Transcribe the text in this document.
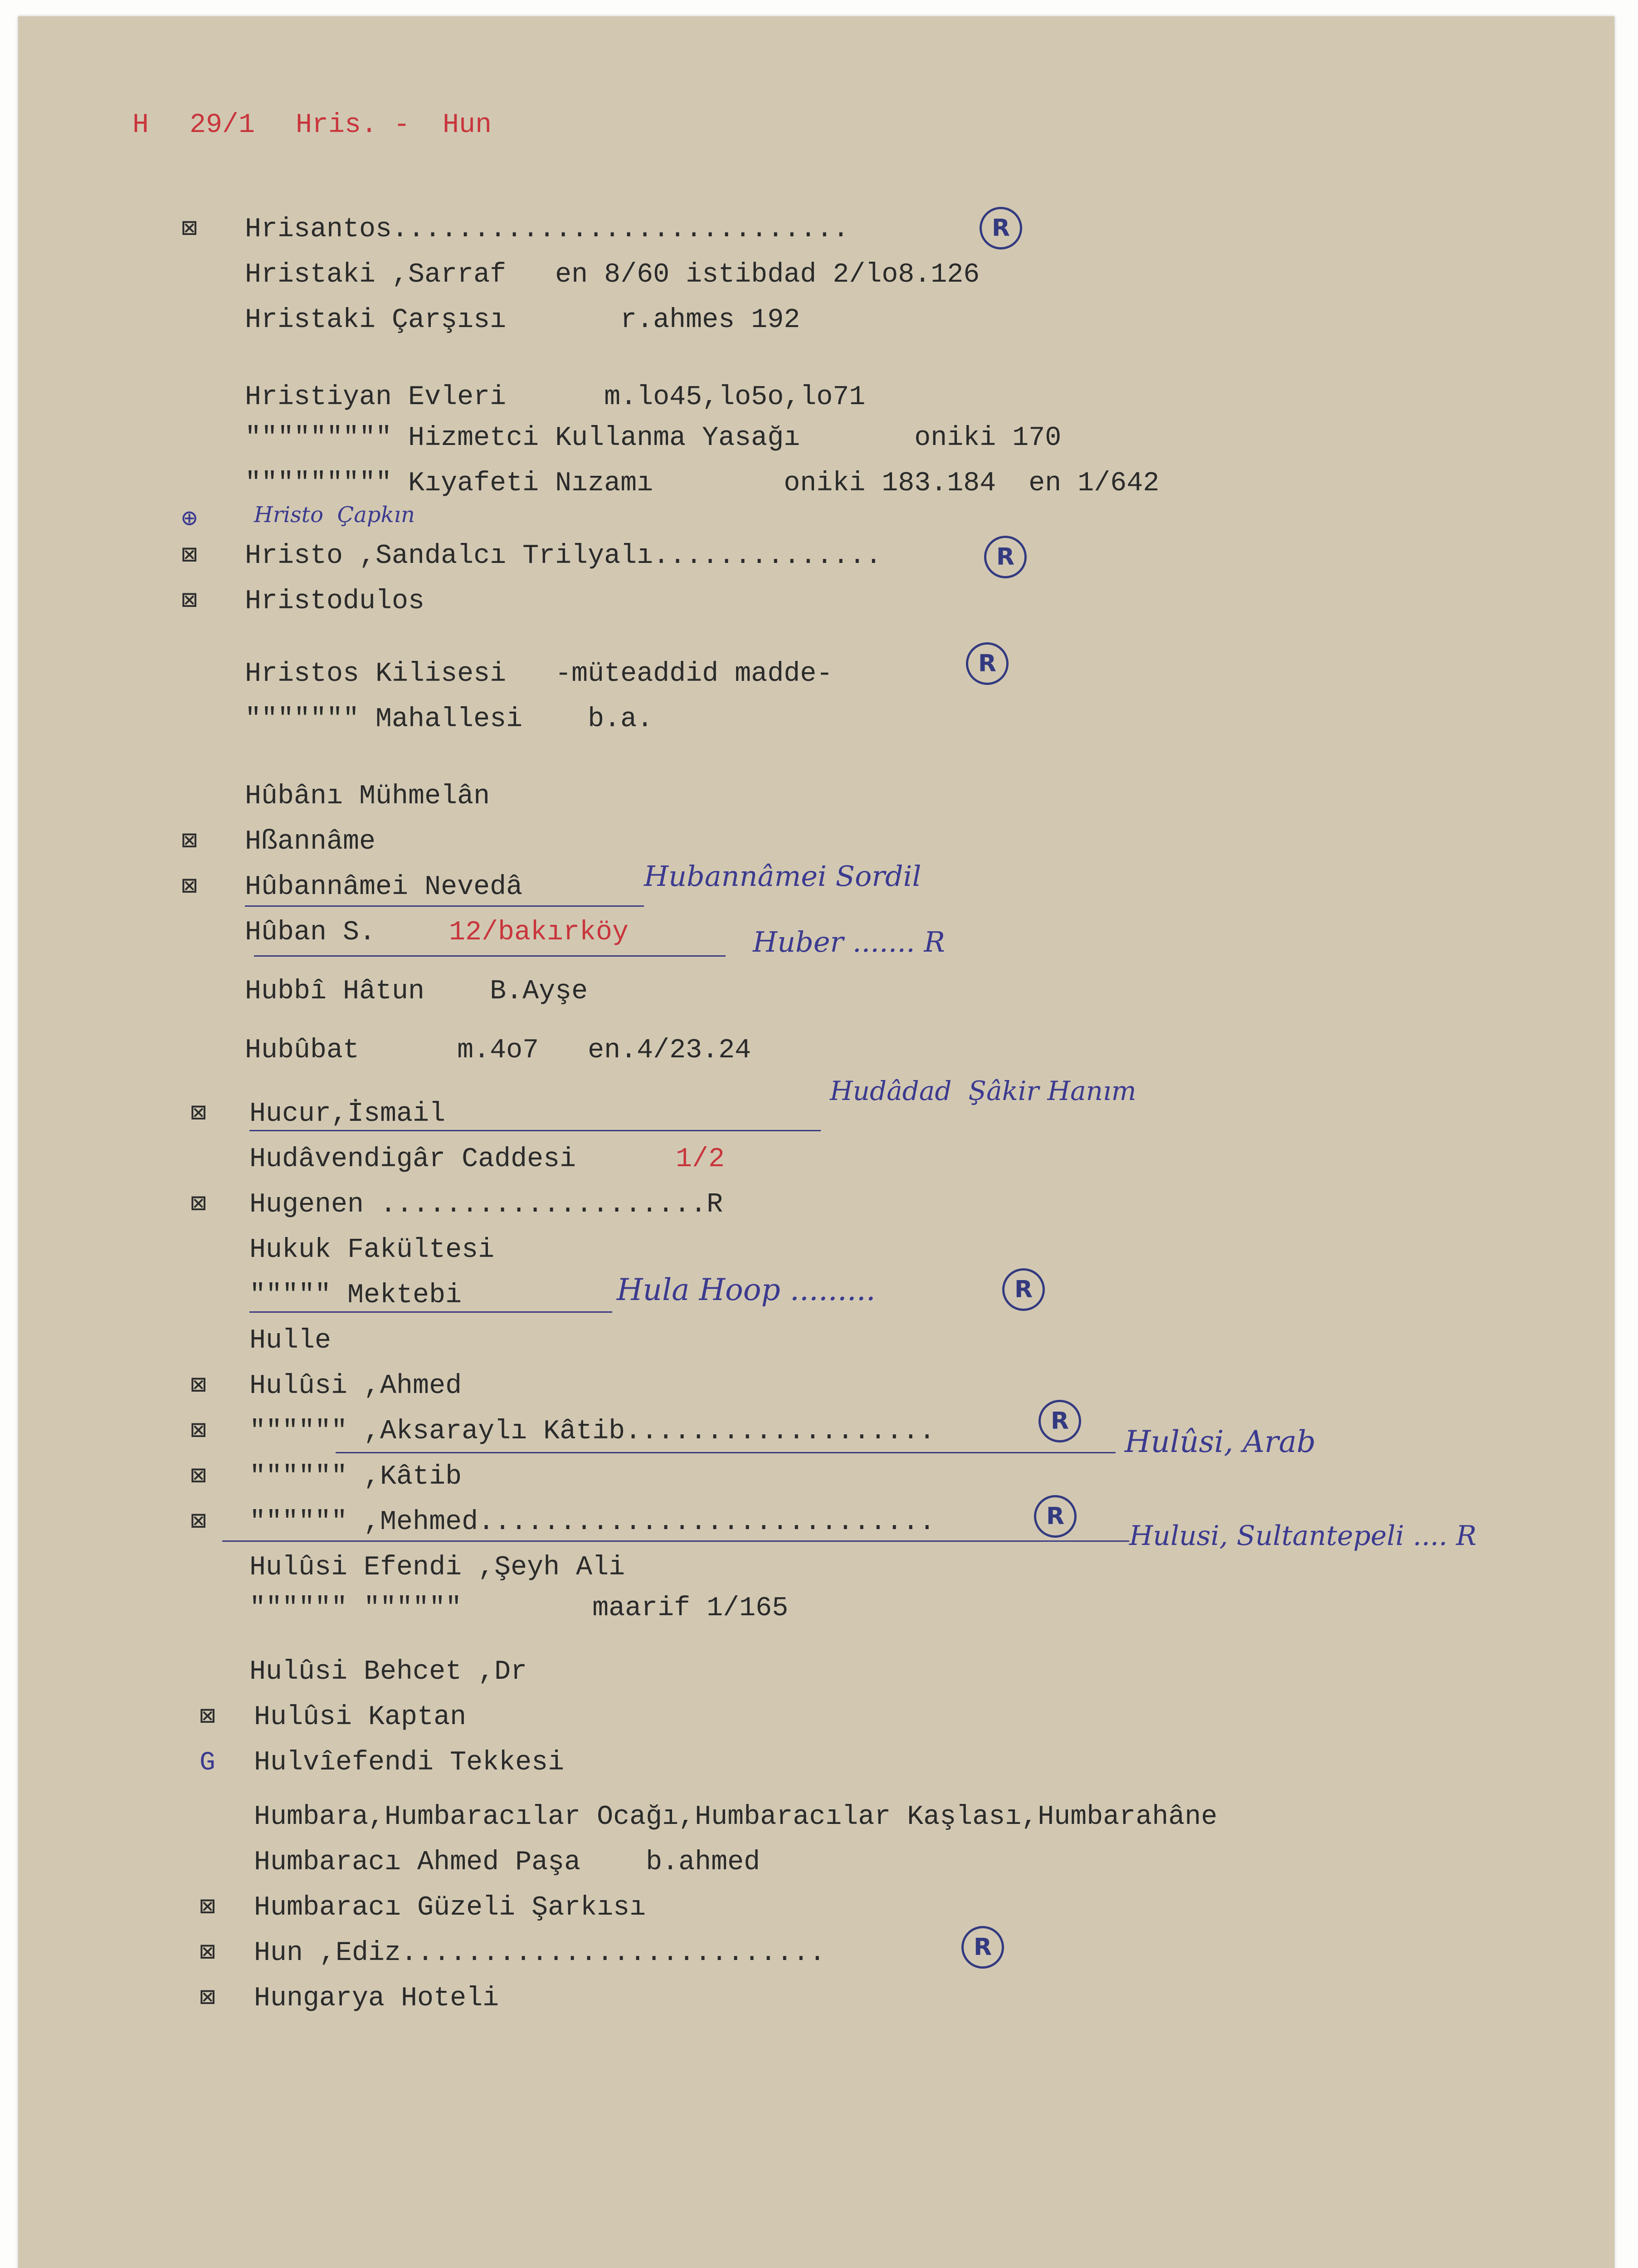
H 29/1 Hris. -  Hun
⊠ Hrisantos............................	R
Hristaki ,Sarraf   en 8/60 istibdad 2/lo8.126
Hristaki Çarşısı       r.ahmes 192
Hristiyan Evleri      m.lo45,lo5o,lo71
""""""""" Hizmetci Kullanma Yasağı       oniki 170
""""""""" Kıyafeti Nızamı        oniki 183.184  en 1/642
⊕	Hristo  Çapkın
⊠ Hristo ,Sandalcı Trilyalı..............	R
⊠ Hristodulos
Hristos Kilisesi   -müteaddid madde-	R
""""""" Mahallesi    b.a.
Hûbânı Mühmelân
⊠ Hßannâme
⊠ Hûbannâmei Nevedâ	Hubannâmei Sordil
Hûban S.	12/bakırköy	Huber ....... R
Hubbî Hâtun    B.Ayşe
Hubûbat      m.4o7   en.4/23.24
⊠ Hucur,İsmail
Hudâdad  Şâkir Hanım
Hudâvendigâr Caddesi	1/2
⊠ Hugenen ....................R
Hukuk Fakültesi
""""" Mektebi	Hula Hoop .........	R
Hulle
⊠ Hulûsi ,Ahmed
⊠ """""" ,Aksaraylı Kâtib...................	R
Hulûsi, Arab
⊠ """""" ,Kâtib
⊠ """""" ,Mehmed............................	R
Hulusi, Sultantepeli .... R
Hulûsi Efendi ,Şeyh Ali
"""""" """"""        maarif 1/165
Hulûsi Behcet ,Dr
⊠ Hulûsi Kaptan
G Hulvîefendi Tekkesi
Humbara,Humbaracılar Ocağı,Humbaracılar Kaşlası,Humbarahâne
Humbaracı Ahmed Paşa    b.ahmed
⊠ Humbaracı Güzeli Şarkısı
⊠ Hun ,Ediz..........................	R
⊠ Hungarya Hoteli
